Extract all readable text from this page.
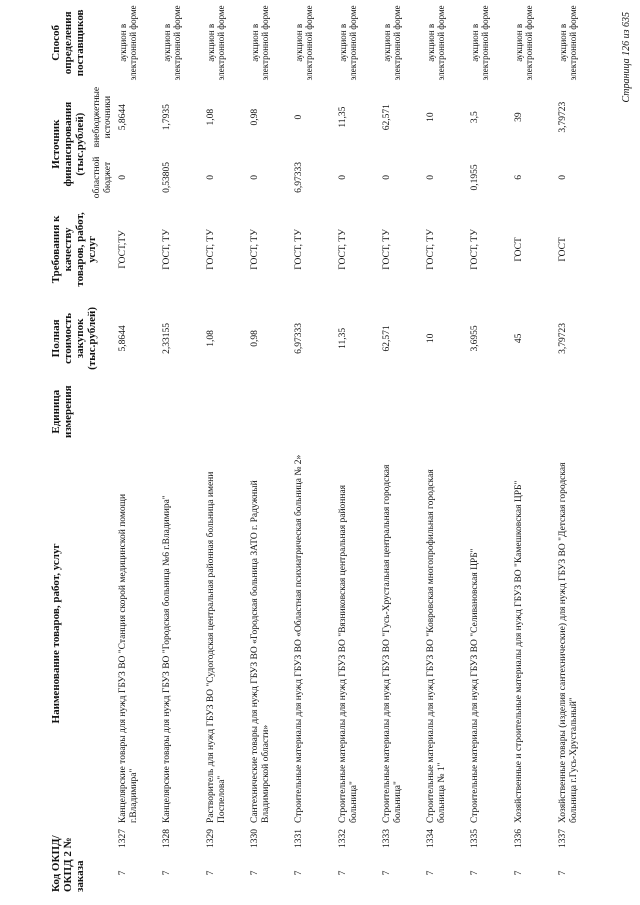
Код ОКПД/ ОКПД 2 № заказа		Наименование товаров, работ, услуг	Единица измерения	Полная стоимость закупок (тыс.рублей)	Требования к качеству товаров, работ, услуг	Источник финансирования (тыс.рублей)		Способ определения поставщиков
						областной бюджет	внебюджетные источники	
7	1327	Канцелярские товары для нужд ГБУЗ ВО "Станция скорой медицинской помощи г.Владимира"		5,8644	ГОСТ,ТУ	0	5,8644	аукцион в электронной форме
7	1328	Канцелярские товары для нужд ГБУЗ ВО "Городская больница №6 г.Владимира"		2,33155	ГОСТ, ТУ	0,53805	1,7935	аукцион в электронной форме
7	1329	Растворитель для нужд ГБУЗ ВО "Судогодская центральная районная больница имени Поспелова"		1,08	ГОСТ, ТУ	0	1,08	аукцион в электронной форме
7	1330	Сантехнические товары для нужд ГБУЗ ВО «Городская больница ЗАТО г. Радужный Владимирской области»		0,98	ГОСТ, ТУ	0	0,98	аукцион в электронной форме
7	1331	Строительные материалы для нужд ГБУЗ ВО «Областная психиатрическая больница № 2»		6,97333	ГОСТ, ТУ	6,97333	0	аукцион в электронной форме
7	1332	Строительные материалы для нужд ГБУЗ ВО "Вязниковская центральная районная больница"		11,35	ГОСТ, ТУ	0	11,35	аукцион в электронной форме
7	1333	Строительные материалы для нужд ГБУЗ ВО "Гусь-Хрустальная центральная городская больница"		62,571	ГОСТ, ТУ	0	62,571	аукцион в электронной форме
7	1334	Строительные материалы для нужд ГБУЗ ВО "Ковровская многопрофильная городская больница № 1"		10	ГОСТ, ТУ	0	10	аукцион в электронной форме
7	1335	Строительные материалы для нужд ГБУЗ ВО "Селивановская ЦРБ"		3,6955	ГОСТ, ТУ	0,1955	3,5	аукцион в электронной форме
7	1336	Хозяйственные и строительные материалы для нужд ГБУЗ ВО "Камешковская ЦРБ"		45	ГОСТ	6	39	аукцион в электронной форме
7	1337	Хозяйственные товары (изделия сантехнические) для нужд ГБУЗ ВО "Детская городская больница г.Гусь-Хрустальный"		3,79723	ГОСТ	0	3,79723	аукцион в электронной форме	Страница 126 из 635
